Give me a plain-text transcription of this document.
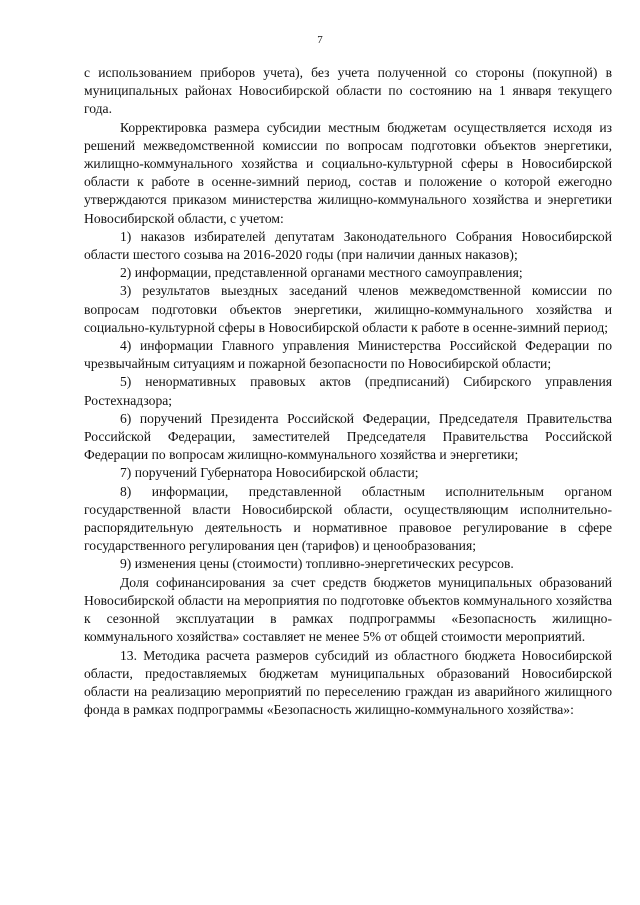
7

с использованием приборов учета), без учета полученной со стороны (покупной) в муниципальных районах Новосибирской области по состоянию на 1 января текущего года.

Корректировка размера субсидии местным бюджетам осуществляется исходя из решений межведомственной комиссии по вопросам подготовки объектов энергетики, жилищно-коммунального хозяйства и социально-культурной сферы в Новосибирской области к работе в осенне-зимний период, состав и положение о которой ежегодно утверждаются приказом министерства жилищно-коммунального хозяйства и энергетики Новосибирской области, с учетом:

1) наказов избирателей депутатам Законодательного Собрания Новосибирской области шестого созыва на 2016-2020 годы (при наличии данных наказов);

2) информации, представленной органами местного самоуправления;

3) результатов выездных заседаний членов межведомственной комиссии по вопросам подготовки объектов энергетики, жилищно-коммунального хозяйства и социально-культурной сферы в Новосибирской области к работе в осенне-зимний период;

4) информации Главного управления Министерства Российской Федерации по чрезвычайным ситуациям и пожарной безопасности по Новосибирской области;

5) ненормативных правовых актов (предписаний) Сибирского управления Ростехнадзора;

6) поручений Президента Российской Федерации, Председателя Правительства Российской Федерации, заместителей Председателя Правительства Российской Федерации по вопросам жилищно-коммунального хозяйства и энергетики;

7) поручений Губернатора Новосибирской области;

8) информации, представленной областным исполнительным органом государственной власти Новосибирской области, осуществляющим исполнительно-распорядительную деятельность и нормативное правовое регулирование в сфере государственного регулирования цен (тарифов) и ценообразования;

9) изменения цены (стоимости) топливно-энергетических ресурсов.

Доля софинансирования за счет средств бюджетов муниципальных образований Новосибирской области на мероприятия по подготовке объектов коммунального хозяйства к сезонной эксплуатации в рамках подпрограммы «Безопасность жилищно-коммунального хозяйства» составляет не менее 5% от общей стоимости мероприятий.

13. Методика расчета размеров субсидий из областного бюджета Новосибирской области, предоставляемых бюджетам муниципальных образований Новосибирской области на реализацию мероприятий по переселению граждан из аварийного жилищного фонда в рамках подпрограммы «Безопасность жилищно-коммунального хозяйства»:
